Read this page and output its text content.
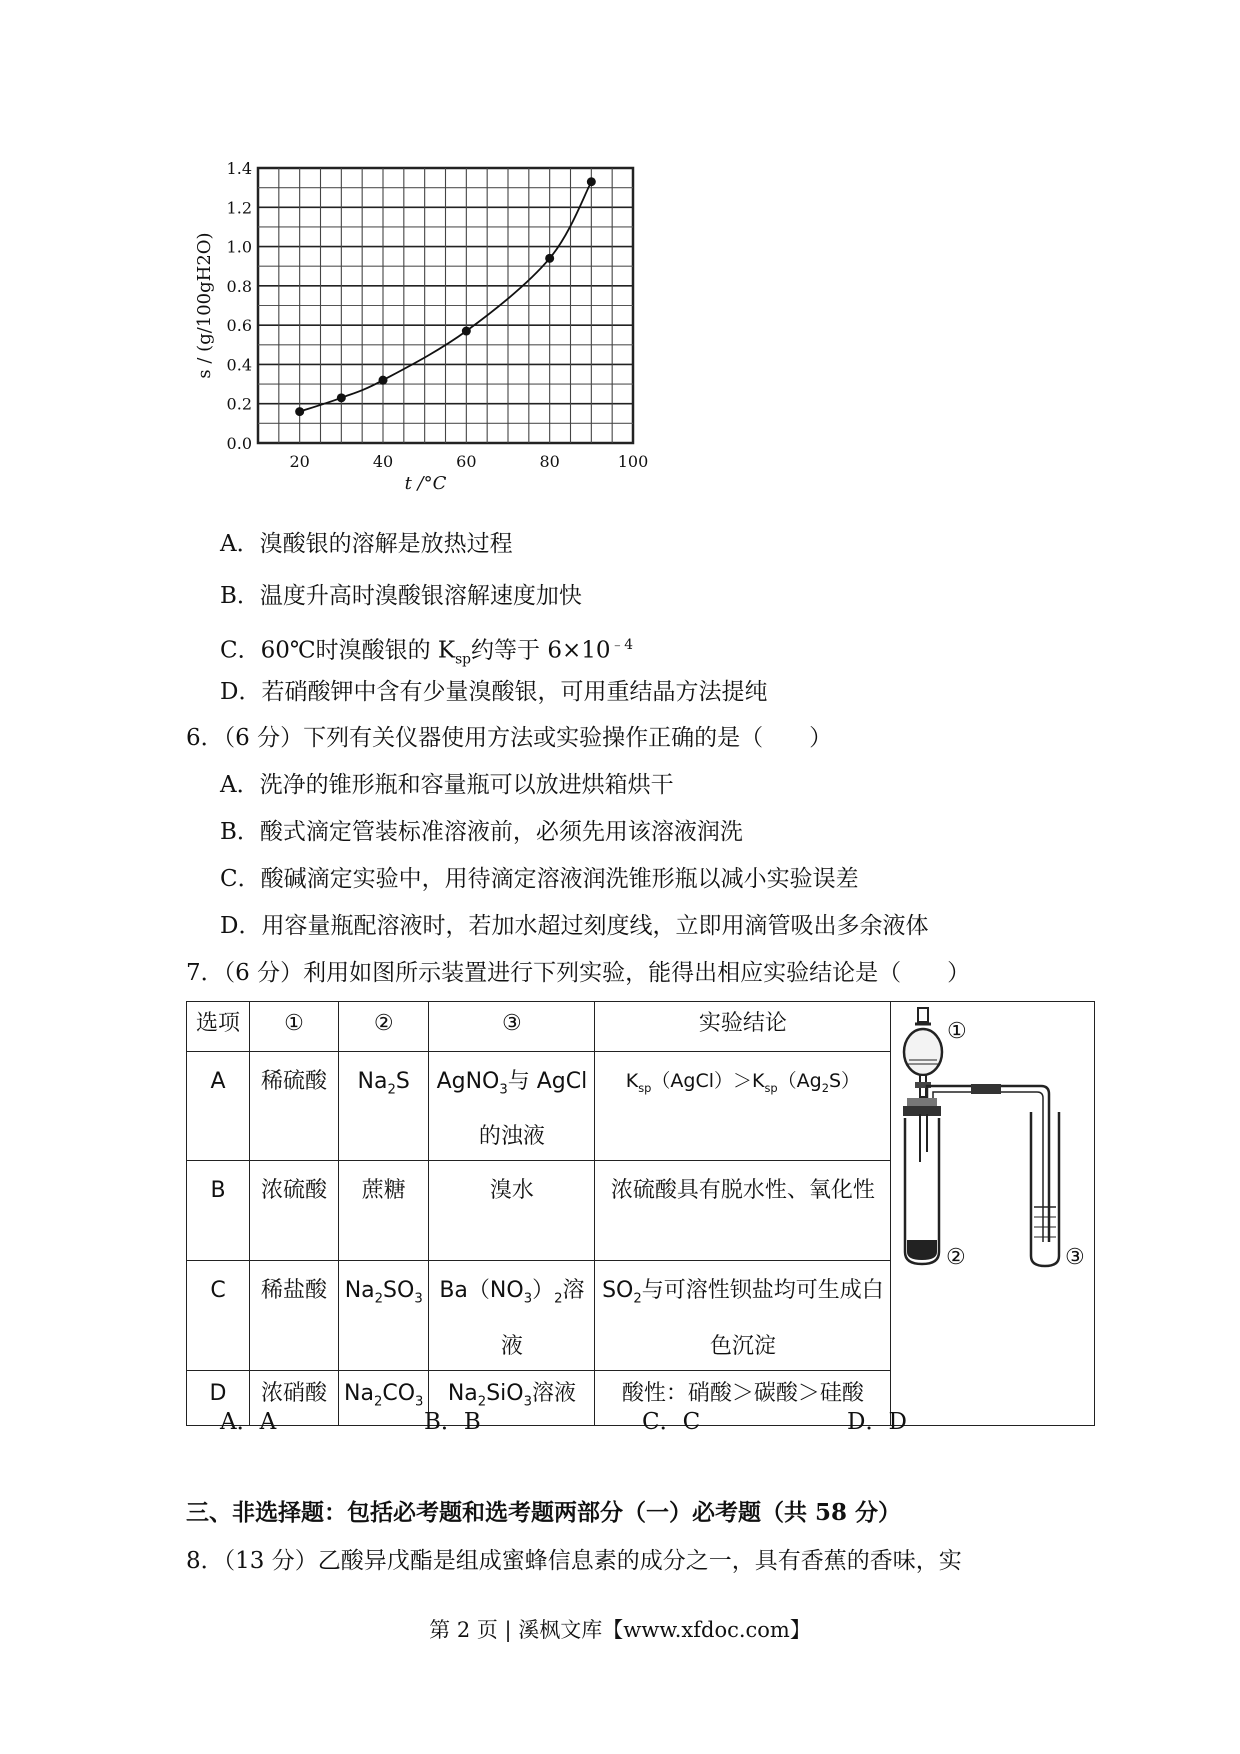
0.0
0.2
0.4
0.6
0.8
1.0
1.2
1.4
20	40	60	80	100
t /°C
s / (g/100gH2O)
A．溴酸银的溶解是放热过程
B．温度升高时溴酸银溶解速度加快
C．60℃时溴酸银的 $K_{sp}$约等于 $6\times 10^{﹣4}$
D．若硝酸钾中含有少量溴酸银，可用重结晶方法提纯
6．（6 分）下列有关仪器使用方法或实验操作正确的是（　　）
A．洗净的锥形瓶和容量瓶可以放进烘箱烘干
B．酸式滴定管装标准溶液前，必须先用该溶液润洗
C．酸碱滴定实验中，用待滴定溶液润洗锥形瓶以减小实验误差
D．用容量瓶配溶液时，若加水超过刻度线，立即用滴管吸出多余液体
7．（6 分）利用如图所示装置进行下列实验，能得出相应实验结论是（　　）
选项	①	②	③	实验结论	①
② ③

A	稀硫酸	$Na_2S$	AgNO$_3$与 AgCl
的浊液	$K_{sp}(AgCl)>K_{sp}(Ag_2S)$	
B	浓硫酸	蔗糖	溴水	浓硫酸具有脱水性、氧化性	
C	稀盐酸	$Na_2SO_3$	$Ba(NO_3)_2$溶液	$SO_2$与可溶性钡盐均可生成白色沉淀	
D	浓硝酸	$Na_2CO_3$	$Na_2SiO_3$溶液	酸性：硝酸＞碳酸＞硅酸	
A．A	B．B	C．C	D．D
三、非选择题：包括必考题和选考题两部分（一）必考题（共 58 分）
8．（13 分）乙酸异戊酯是组成蜜蜂信息素的成分之一，具有香蕉的香味，实
第 2 页 | 溪枫文库【www.xfdoc.com】
